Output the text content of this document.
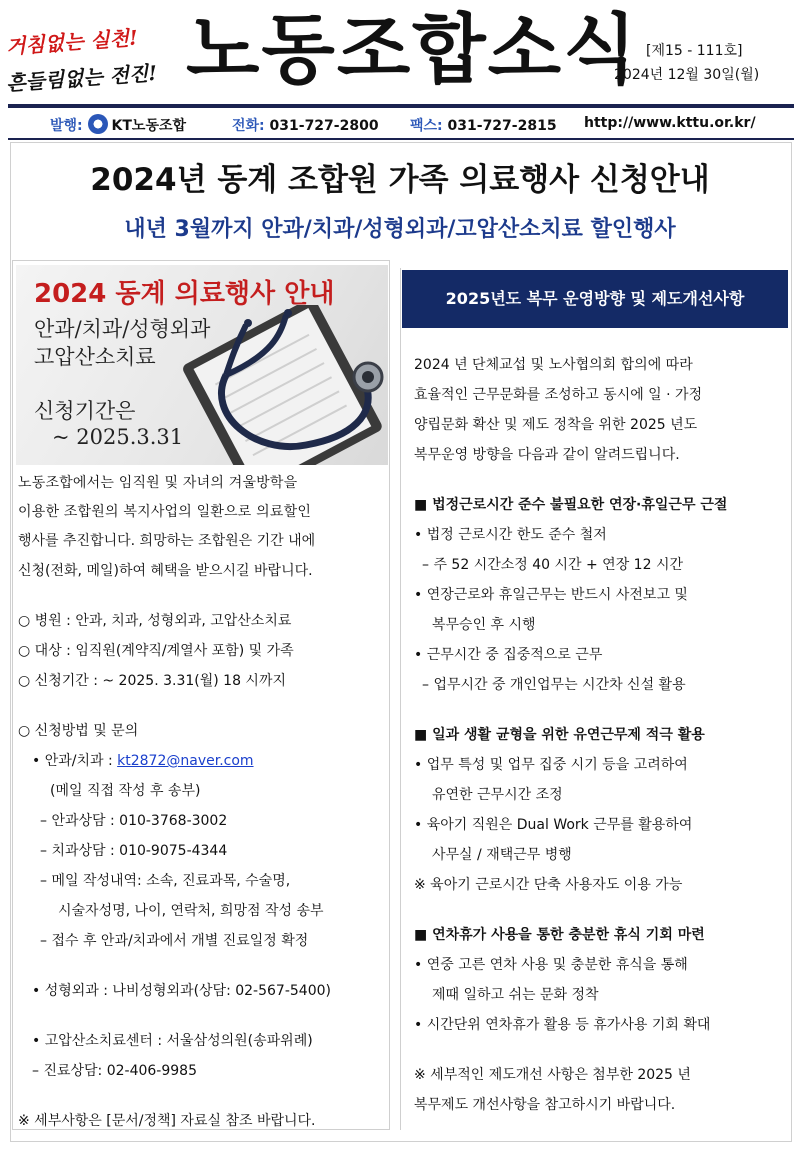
거침없는 실천!
흔들림없는 전진! 노동조합소식 [제15 - 111호]
2024년 12월 30일(월)
발행: KT노동조합	전화: 031-727-2800 팩스: 031-727-2815 http://www.kttu.or.kr/
2024년 동계 조합원 가족 의료행사 신청안내
내년 3월까지 안과/치과/성형외과/고압산소치료 할인행사
2024 동계 의료행사 안내
안과/치과/성형외과
고압산소치료
신청기간은
~ 2025.3.31
노동조합에서는 임직원 및 자녀의 겨울방학을
이용한 조합원의 복지사업의 일환으로 의료할인
행사를 추진합니다. 희망하는 조합원은 기간 내에
신청(전화, 메일)하여 혜택을 받으시길 바랍니다.
○ 병원 : 안과, 치과, 성형외과, 고압산소치료
○ 대상 : 임직원(계약직/계열사 포함) 및 가족
○ 신청기간 : ~ 2025. 3.31(월) 18 시까지
○ 신청방법 및 문의
• 안과/치과 : kt2872@naver.com
(메일 직접 작성 후 송부)
– 안과상담 : 010-3768-3002
– 치과상담 : 010-9075-4344
– 메일 작성내역: 소속, 진료과목, 수술명,
시술자성명, 나이, 연락처, 희망점 작성 송부
– 접수 후 안과/치과에서 개별 진료일정 확정
• 성형외과 : 나비성형외과(상담: 02-567-5400)
• 고압산소치료센터 : 서울삼성의원(송파위례)
– 진료상담: 02-406-9985
※ 세부사항은 [문서/정책] 자료실 참조 바랍니다.
2025년도 복무 운영방향 및 제도개선사항
2024 년 단체교섭 및 노사협의회 합의에 따라
효율적인 근무문화를 조성하고 동시에 일 · 가정
양립문화 확산 및 제도 정착을 위한 2025 년도
복무운영 방향을 다음과 같이 알려드립니다.
■ 법정근로시간 준수 불필요한 연장·휴일근무 근절
• 법정 근로시간 한도 준수 철저
– 주 52 시간소정 40 시간 + 연장 12 시간
• 연장근로와 휴일근무는 반드시 사전보고 및
복무승인 후 시행
• 근무시간 중 집중적으로 근무
– 업무시간 중 개인업무는 시간차 신설 활용
■ 일과 생활 균형을 위한 유연근무제 적극 활용
• 업무 특성 및 업무 집중 시기 등을 고려하여
유연한 근무시간 조정
• 육아기 직원은 Dual Work 근무를 활용하여
사무실 / 재택근무 병행
※ 육아기 근로시간 단축 사용자도 이용 가능
■ 연차휴가 사용을 통한 충분한 휴식 기회 마련
• 연중 고른 연차 사용 및 충분한 휴식을 통해
제때 일하고 쉬는 문화 정착
• 시간단위 연차휴가 활용 등 휴가사용 기회 확대
※ 세부적인 제도개선 사항은 첨부한 2025 년
복무제도 개선사항을 참고하시기 바랍니다.
